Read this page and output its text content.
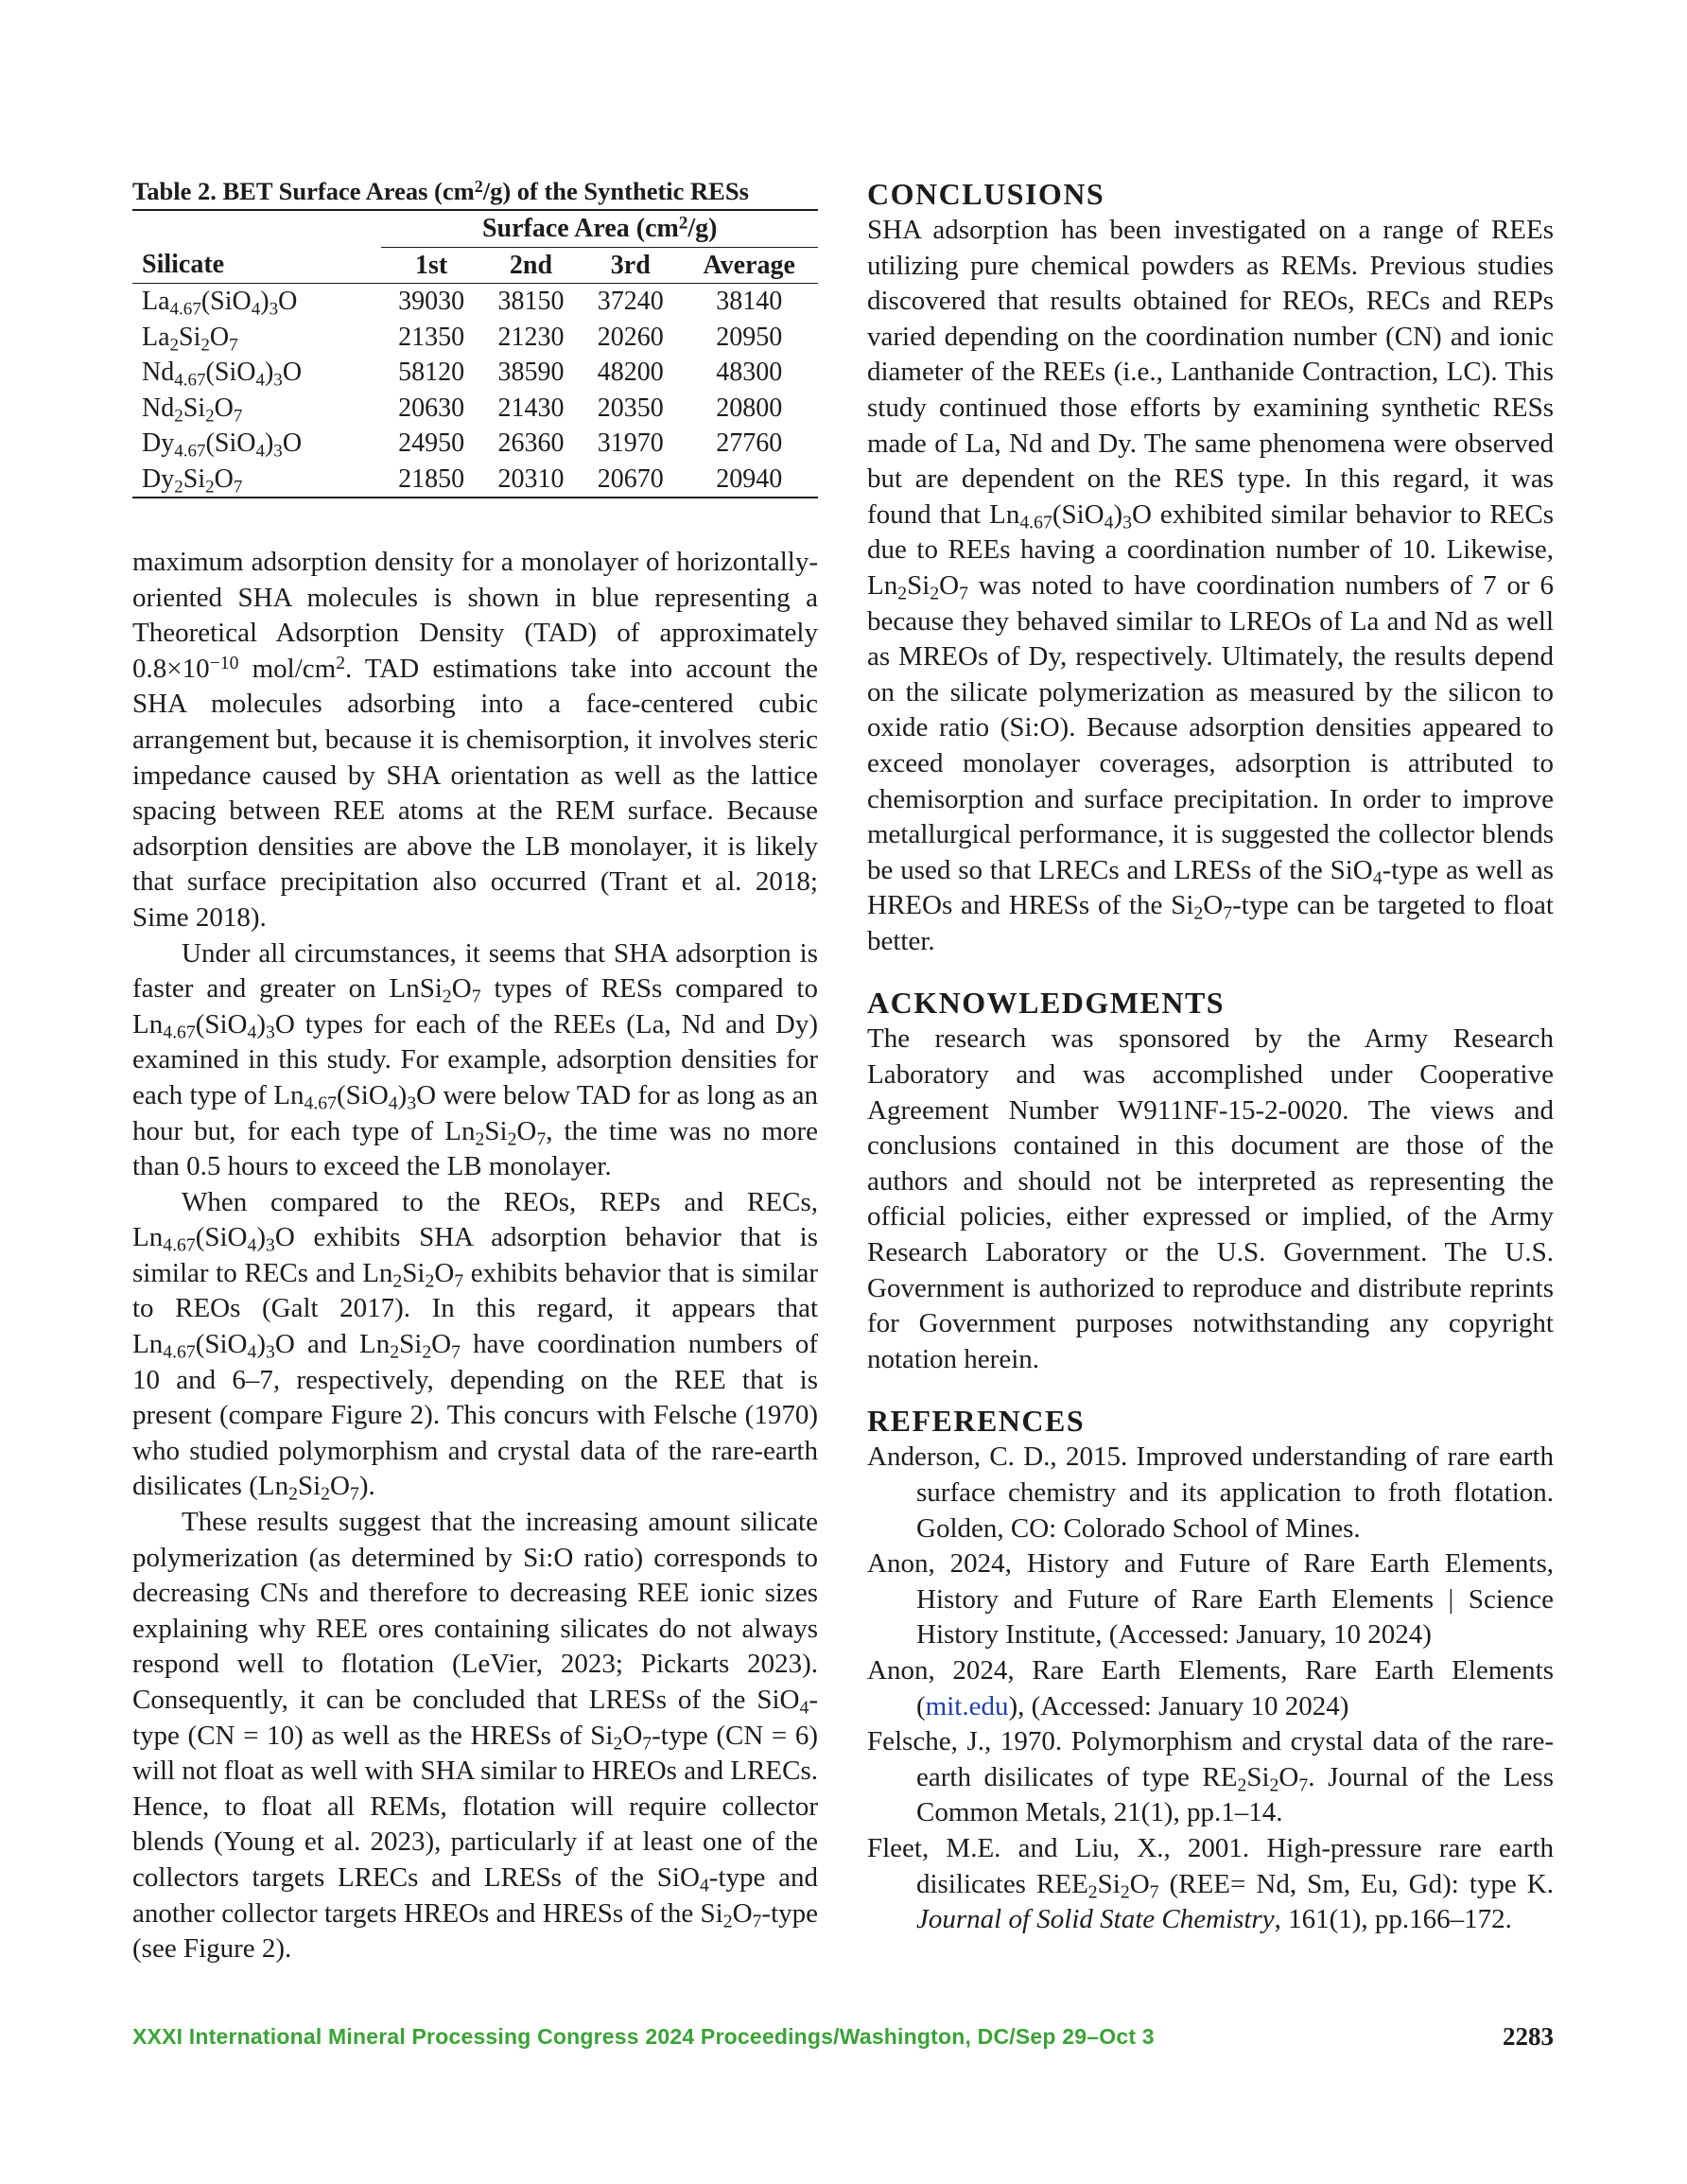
Table 2. BET Surface Areas $(cm^2/g)$ of the Synthetic RESs
	Surface Area $(cm^2/g)$			
Silicate	1st	2nd	3rd	Average
$La_{4.67}(SiO_4)_3O$	39030	38150	37240	38140
$La_2Si_2O_7$	21350	21230	20260	20950
$Nd_{4.67}(SiO_4)_3O$	58120	38590	48200	48300
$Nd_2Si_2O_7$	20630	21430	20350	20800
$Dy_{4.67}(SiO_4)_3O$	24950	26360	31970	27760
$Dy_2Si_2O_7$	21850	20310	20670	20940

maximum adsorption density for a monolayer of horizontally-oriented SHA molecules is shown in blue representing a Theoretical Adsorption Density (TAD) of approximately $0.8\times 10^{-10}$ mol/$cm^2$. TAD estimations take into account the SHA molecules adsorbing into a face-centered cubic arrangement but, because it is chemisorption, it involves steric impedance caused by SHA orientation as well as the lattice spacing between REE atoms at the REM surface. Because adsorption densities are above the LB monolayer, it is likely that surface precipitation also occurred (Trant et al. 2018; Sime 2018).

Under all circumstances, it seems that SHA adsorption is faster and greater on $LnSi_2O_7$ types of RESs compared to $Ln_{4.67}(SiO_4)_3O$ types for each of the REEs (La, Nd and Dy) examined in this study. For example, adsorption densities for each type of $Ln_{4.67}(SiO_4)_3O$ were below TAD for as long as an hour but, for each type of $Ln_2Si_2O_7$, the time was no more than 0.5 hours to exceed the LB monolayer.

When compared to the REOs, REPs and RECs, $Ln_{4.67}(SiO_4)_3O$ exhibits SHA adsorption behavior that is similar to RECs and $Ln_2Si_2O_7$ exhibits behavior that is similar to REOs (Galt 2017). In this regard, it appears that $Ln_{4.67}(SiO_4)_3O$ and $Ln_2Si_2O_7$ have coordination numbers of 10 and 6–7, respectively, depending on the REE that is present (compare Figure 2). This concurs with Felsche (1970) who studied polymorphism and crystal data of the rare-earth disilicates $(Ln_2Si_2O_7)$.

These results suggest that the increasing amount silicate polymerization (as determined by Si:O ratio) corresponds to decreasing CNs and therefore to decreasing REE ionic sizes explaining why REE ores containing silicates do not always respond well to flotation (LeVier, 2023; Pickarts 2023). Consequently, it can be concluded that LRESs of the SiO$_4$-type (CN = 10) as well as the HRESs of $Si_2O_7$-type (CN = 6) will not float as well with SHA similar to HREOs and LRECs. Hence, to float all REMs, flotation will require collector blends (Young et al. 2023), particularly if at least one of the collectors targets LRECs and LRESs of the SiO$_4$-type and another collector targets HREOs and HRESs of the $Si_2O_7$-type (see Figure 2).

CONCLUSIONS

SHA adsorption has been investigated on a range of REEs utilizing pure chemical powders as REMs. Previous studies discovered that results obtained for REOs, RECs and REPs varied depending on the coordination number (CN) and ionic diameter of the REEs (i.e., Lanthanide Contraction, LC). This study continued those efforts by examining synthetic RESs made of La, Nd and Dy. The same phenomena were observed but are dependent on the RES type. In this regard, it was found that $Ln_{4.67}(SiO_4)_3O$ exhibited similar behavior to RECs due to REEs having a coordination number of 10. Likewise, $Ln_2Si_2O_7$ was noted to have coordination numbers of 7 or 6 because they behaved similar to LREOs of La and Nd as well as MREOs of Dy, respectively. Ultimately, the results depend on the silicate polymerization as measured by the silicon to oxide ratio (Si:O). Because adsorption densities appeared to exceed monolayer coverages, adsorption is attributed to chemisorption and surface precipitation. In order to improve metallurgical performance, it is suggested the collector blends be used so that LRECs and LRESs of the SiO$_4$-type as well as HREOs and HRESs of the $Si_2O_7$-type can be targeted to float better.

ACKNOWLEDGMENTS

The research was sponsored by the Army Research Laboratory and was accomplished under Cooperative Agreement Number W911NF-15-2-0020. The views and conclusions contained in this document are those of the authors and should not be interpreted as representing the official policies, either expressed or implied, of the Army Research Laboratory or the U.S. Government. The U.S. Government is authorized to reproduce and distribute reprints for Government purposes notwithstanding any copyright notation herein.

REFERENCES

Anderson, C. D., 2015. Improved understanding of rare earth surface chemistry and its application to froth flotation. Golden, CO: Colorado School of Mines.

Anon, 2024, History and Future of Rare Earth Elements, History and Future of Rare Earth Elements | Science History Institute, (Accessed: January, 10 2024)

Anon, 2024, Rare Earth Elements, Rare Earth Elements (mit.edu), (Accessed: January 10 2024)

Felsche, J., 1970. Polymorphism and crystal data of the rare-earth disilicates of type $RE_2Si_2O_7$. Journal of the Less Common Metals, 21(1), pp.1–14.

Fleet, M.E. and Liu, X., 2001. High-pressure rare earth disilicates $REE_2Si_2O_7$ (REE= Nd, Sm, Eu, Gd): type K. Journal of Solid State Chemistry, 161(1), pp.166–172.

XXXI International Mineral Processing Congress 2024 Proceedings/Washington, DC/Sep 29–Oct 3	2283
